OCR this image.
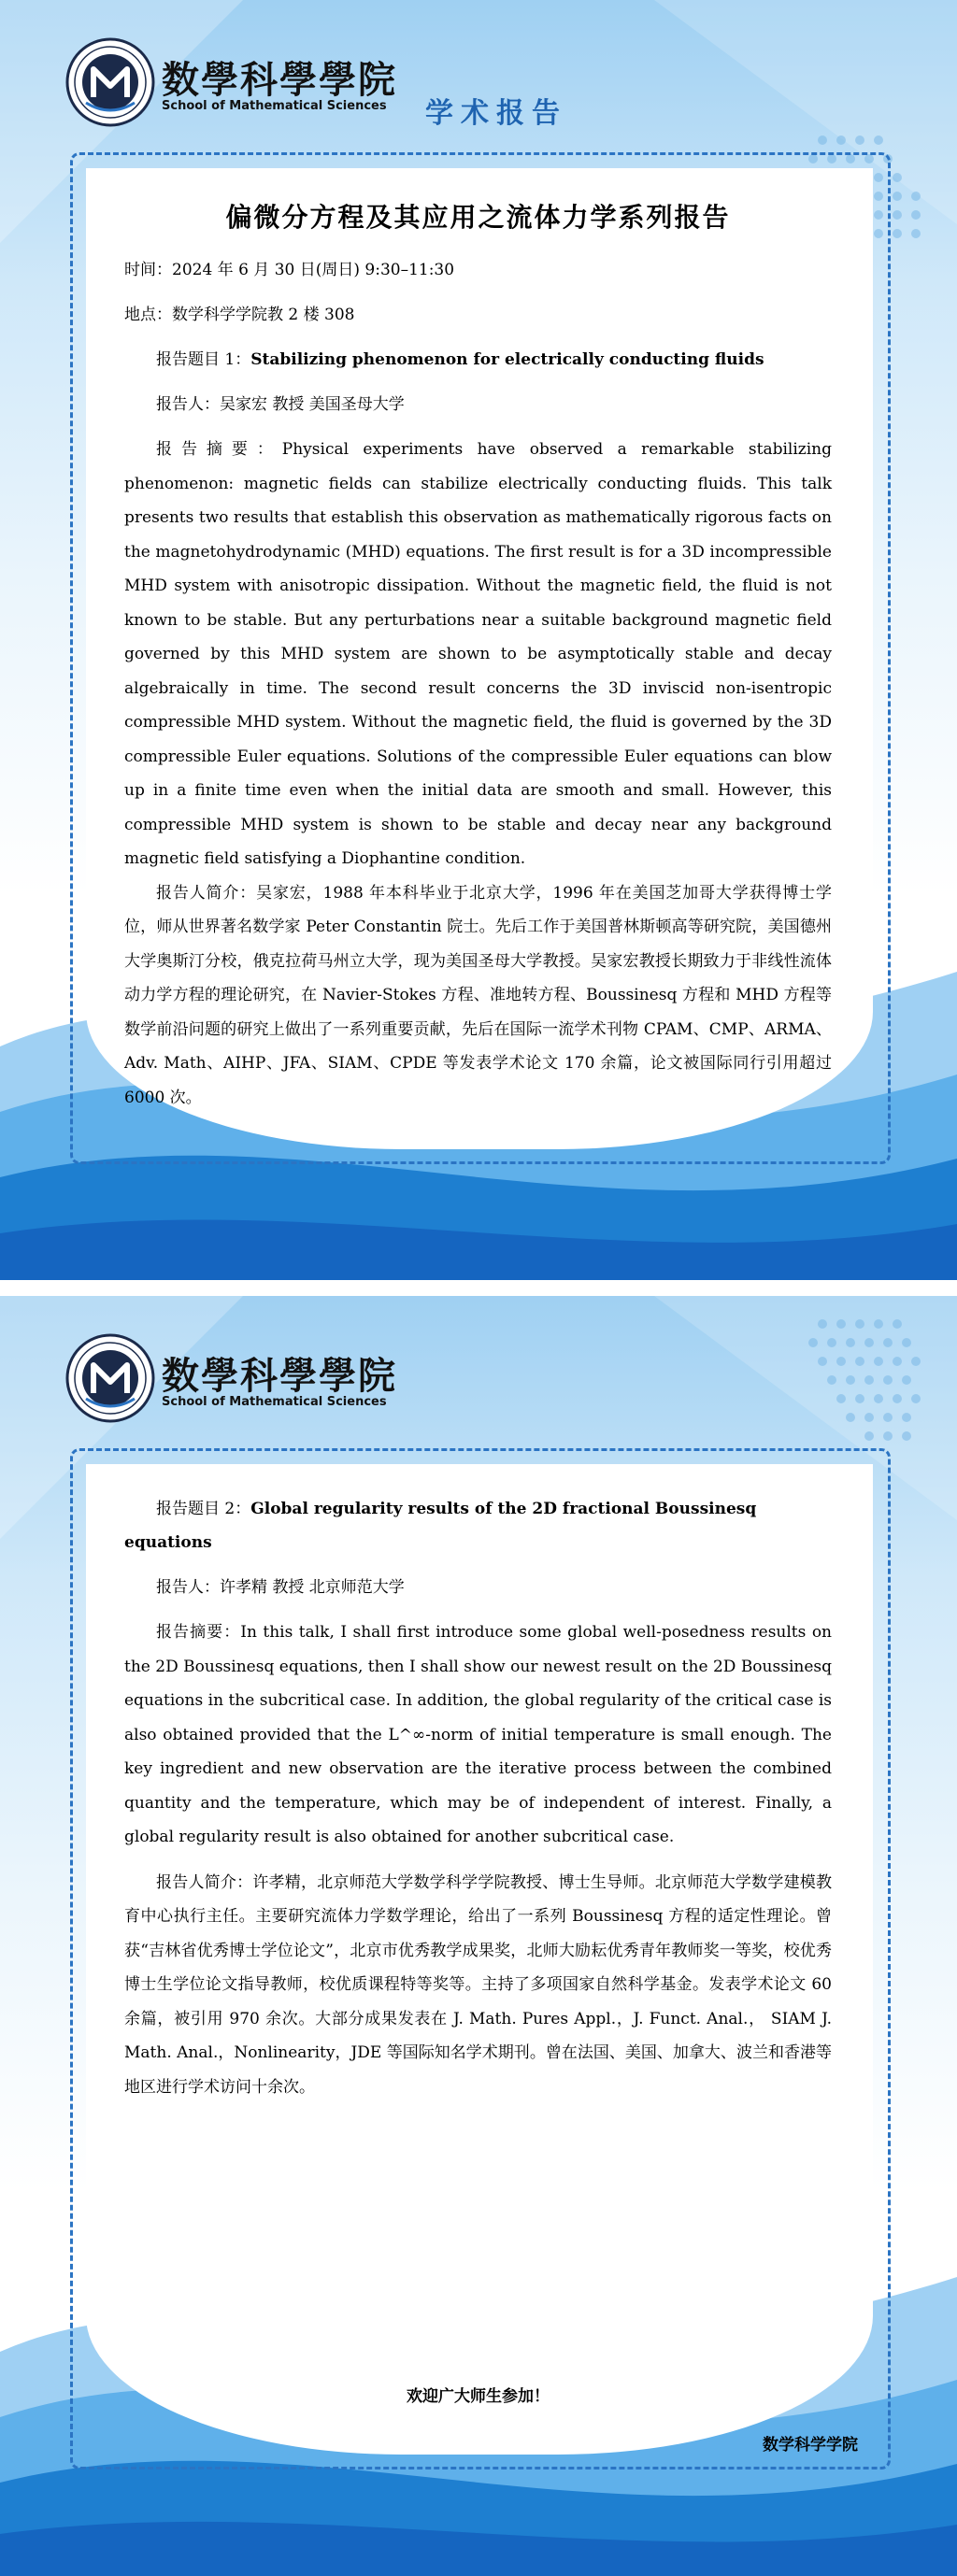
数學科學學院
School of Mathematical Sciences 学术报告

偏微分方程及其应用之流体力学系列报告

时间：2024 年 6 月 30 日(周日) 9:30–11:30

地点：数学科学学院教 2 楼 308

报告题目 1：Stabilizing phenomenon for electrically conducting fluids

报告人：吴家宏 教授 美国圣母大学

报告摘要：Physical experiments have observed a remarkable stabilizing phenomenon: magnetic fields can stabilize electrically conducting fluids. This talk presents two results that establish this observation as mathematically rigorous facts on the magnetohydrodynamic (MHD) equations. The first result is for a 3D incompressible MHD system with anisotropic dissipation. Without the magnetic field, the fluid is not known to be stable. But any perturbations near a suitable background magnetic field governed by this MHD system are shown to be asymptotically stable and decay algebraically in time. The second result concerns the 3D inviscid non-isentropic compressible MHD system. Without the magnetic field, the fluid is governed by the 3D compressible Euler equations. Solutions of the compressible Euler equations can blow up in a finite time even when the initial data are smooth and small. However, this compressible MHD system is shown to be stable and decay near any background magnetic field satisfying a Diophantine condition.

报告人简介：吴家宏，1988 年本科毕业于北京大学，1996 年在美国芝加哥大学获得博士学位，师从世界著名数学家 Peter Constantin 院士。先后工作于美国普林斯顿高等研究院，美国德州大学奥斯汀分校，俄克拉荷马州立大学，现为美国圣母大学教授。吴家宏教授长期致力于非线性流体动力学方程的理论研究，在 Navier-Stokes 方程、准地转方程、Boussinesq 方程和 MHD 方程等数学前沿问题的研究上做出了一系列重要贡献，先后在国际一流学术刊物 CPAM、CMP、ARMA、Adv. Math、AIHP、JFA、SIAM、CPDE 等发表学术论文 170 余篇，论文被国际同行引用超过 6000 次。

数學科學學院
School of Mathematical Sciences

报告题目 2：Global regularity results of the 2D fractional Boussinesq equations

报告人：许孝精 教授 北京师范大学

报告摘要：In this talk, I shall first introduce some global well-posedness results on the 2D Boussinesq equations, then I shall show our newest result on the 2D Boussinesq equations in the subcritical case. In addition, the global regularity of the critical case is also obtained provided that the L^∞-norm of initial temperature is small enough. The key ingredient and new observation are the iterative process between the combined quantity and the temperature, which may be of independent of interest. Finally, a global regularity result is also obtained for another subcritical case.

报告人简介：许孝精，北京师范大学数学科学学院教授、博士生导师。北京师范大学数学建模教育中心执行主任。主要研究流体力学数学理论，给出了一系列 Boussinesq 方程的适定性理论。曾获“吉林省优秀博士学位论文”，北京市优秀教学成果奖，北师大励耘优秀青年教师奖一等奖，校优秀博士生学位论文指导教师，校优质课程特等奖等。主持了多项国家自然科学基金。发表学术论文 60 余篇，被引用 970 余次。大部分成果发表在 J. Math. Pures Appl.，J. Funct. Anal.， SIAM J. Math. Anal.，Nonlinearity，JDE 等国际知名学术期刊。曾在法国、美国、加拿大、波兰和香港等地区进行学术访问十余次。

欢迎广大师生参加！
数学科学学院
